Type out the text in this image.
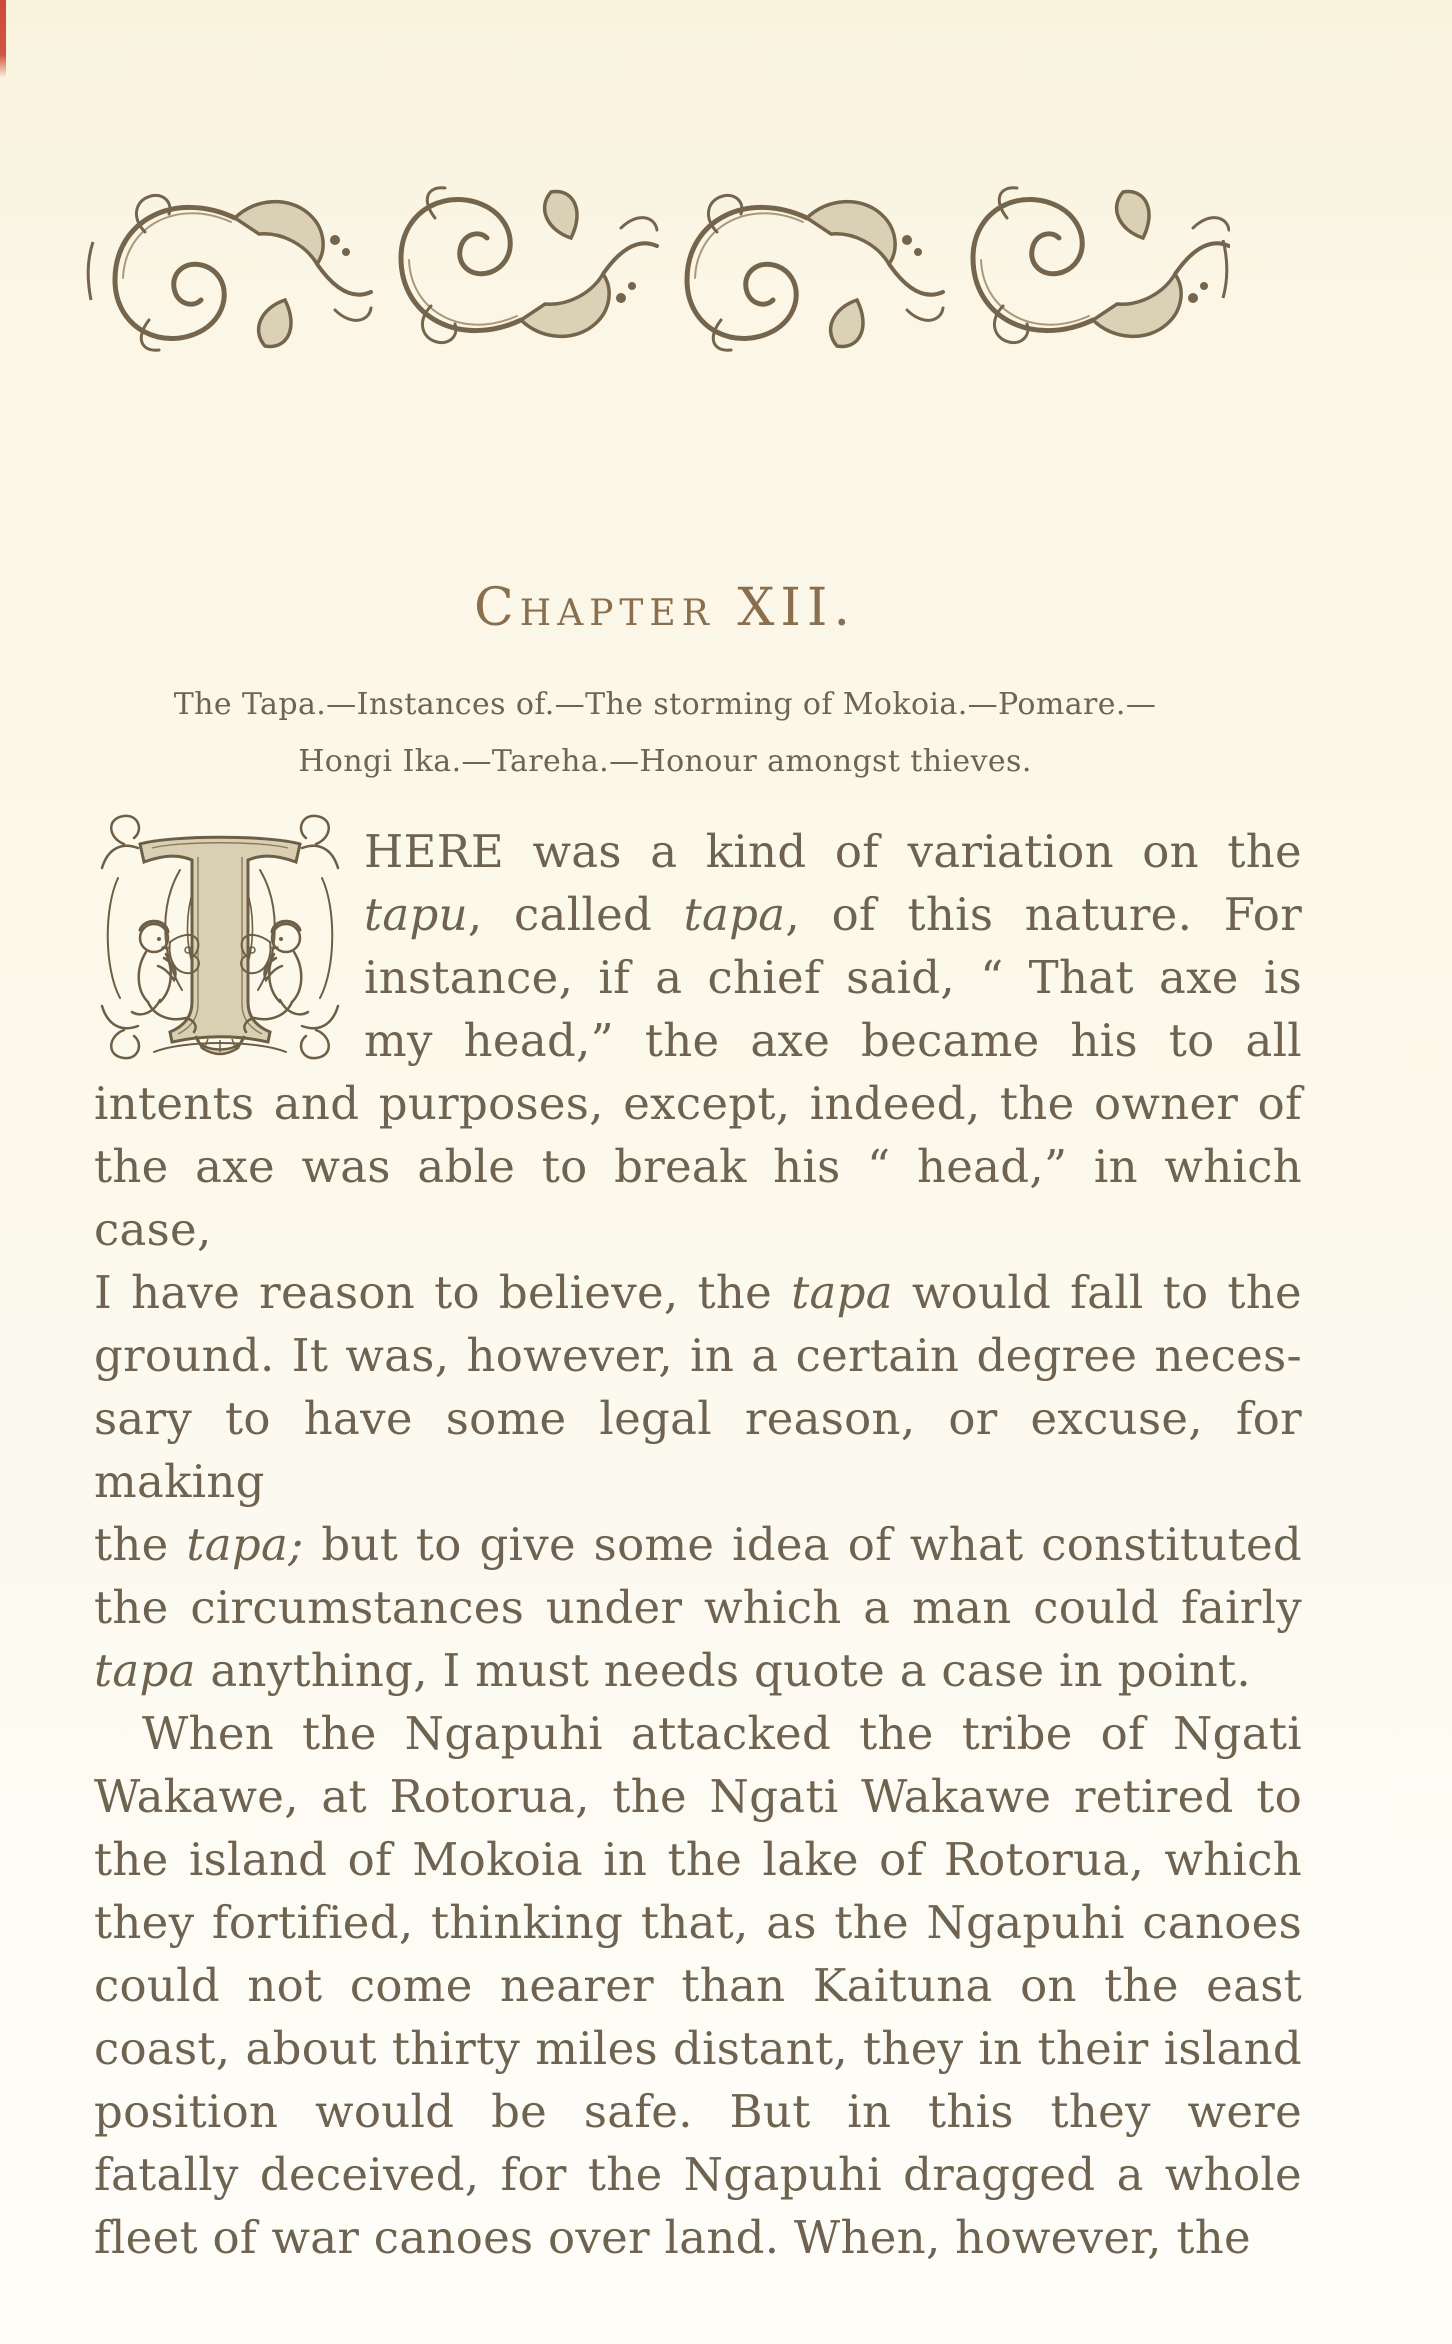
Chapter XII.
The Tapa.—Instances of.—The storming of Mokoia.—Pomare.—
Hongi Ika.—Tareha.—Honour amongst thieves.
HERE was a kind of variation on the
tapu, called tapa, of this nature. For
instance, if a chief said, “ That axe is
my head,” the axe became his to all
intents and purposes, except, indeed, the owner of
the axe was able to break his “ head,” in which case,
I have reason to believe, the tapa would fall to the
ground. It was, however, in a certain degree neces-
sary to have some legal reason, or excuse, for making
the tapa; but to give some idea of what constituted
the circumstances under which a man could fairly
tapa anything, I must needs quote a case in point.
When the Ngapuhi attacked the tribe of Ngati
Wakawe, at Rotorua, the Ngati Wakawe retired to
the island of Mokoia in the lake of Rotorua, which
they fortified, thinking that, as the Ngapuhi canoes
could not come nearer than Kaituna on the east
coast, about thirty miles distant, they in their island
position would be safe. But in this they were
fatally deceived, for the Ngapuhi dragged a whole
fleet of war canoes over land. When, however, the
